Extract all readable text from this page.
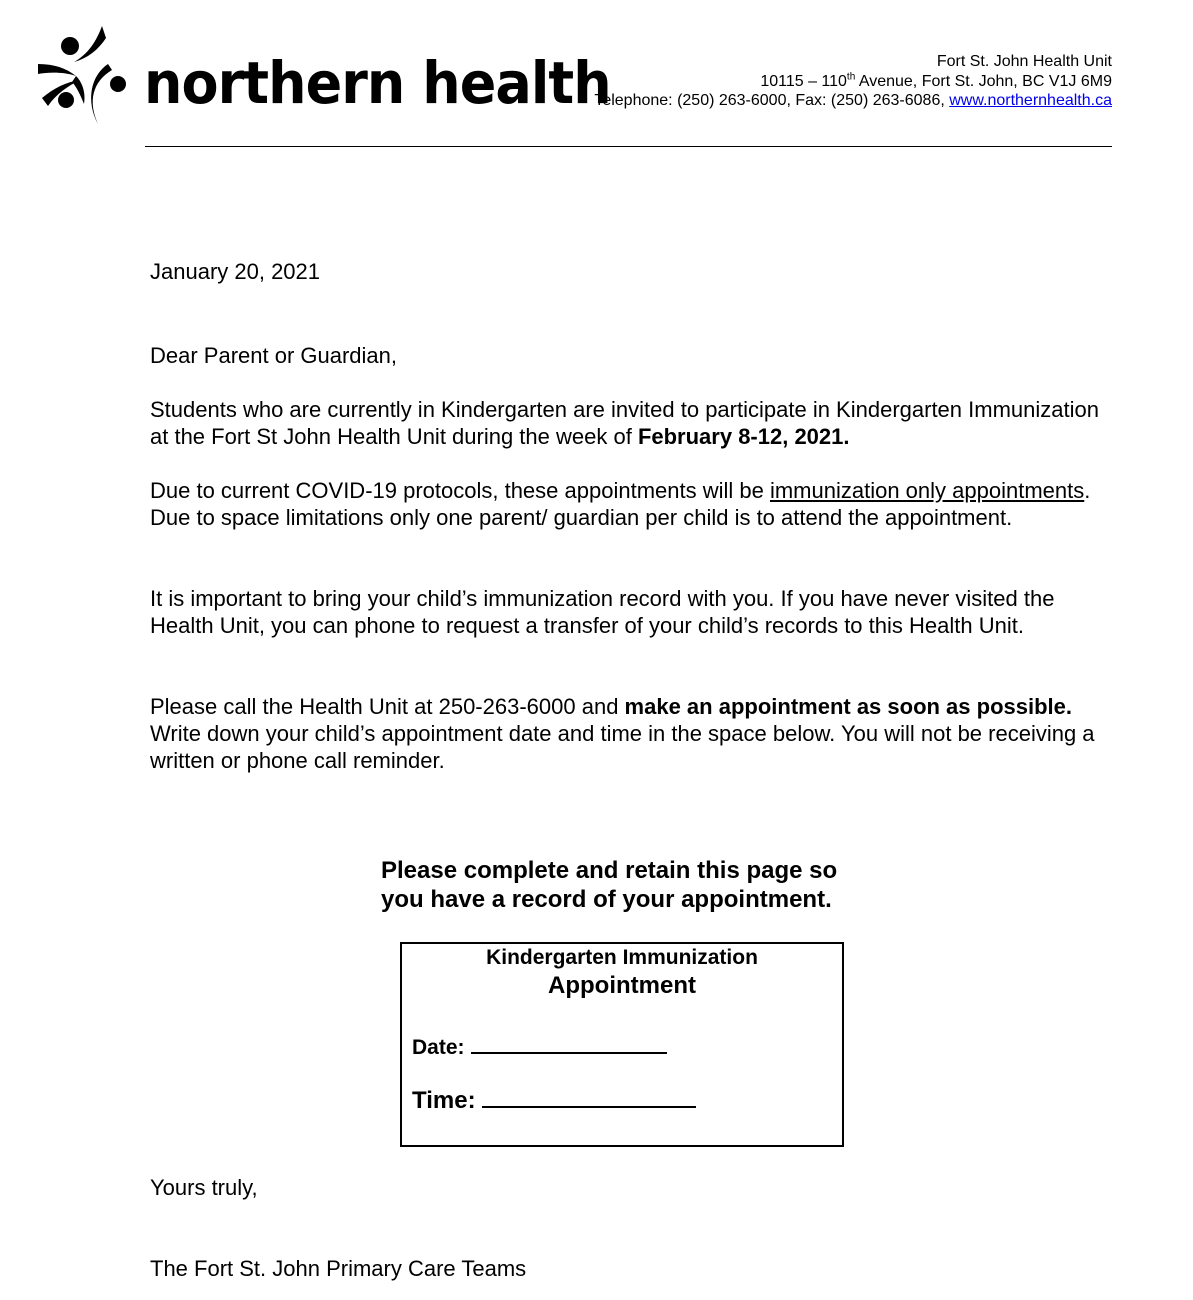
northern health	Fort St. John Health Unit
10115 – 110th Avenue, Fort St. John, BC V1J 6M9
Telephone: (250) 263-6000, Fax: (250) 263-6086, www.northernhealth.ca
January 20, 2021
Dear Parent or Guardian,
Students who are currently in Kindergarten are invited to participate in Kindergarten Immunization at the Fort St John Health Unit during the week of February 8-12, 2021.
Due to current COVID-19 protocols, these appointments will be immunization only appointments. Due to space limitations only one parent/ guardian per child is to attend the appointment.
It is important to bring your child’s immunization record with you. If you have never visited the Health Unit, you can phone to request a transfer of your child’s records to this Health Unit.
Please call the Health Unit at 250-263-6000 and make an appointment as soon as possible. Write down your child’s appointment date and time in the space below. You will not be receiving a written or phone call reminder.
Please complete and retain this page so
you have a record of your appointment.
Kindergarten Immunization
Appointment
Date:
Time:
Yours truly,
The Fort St. John Primary Care Teams
